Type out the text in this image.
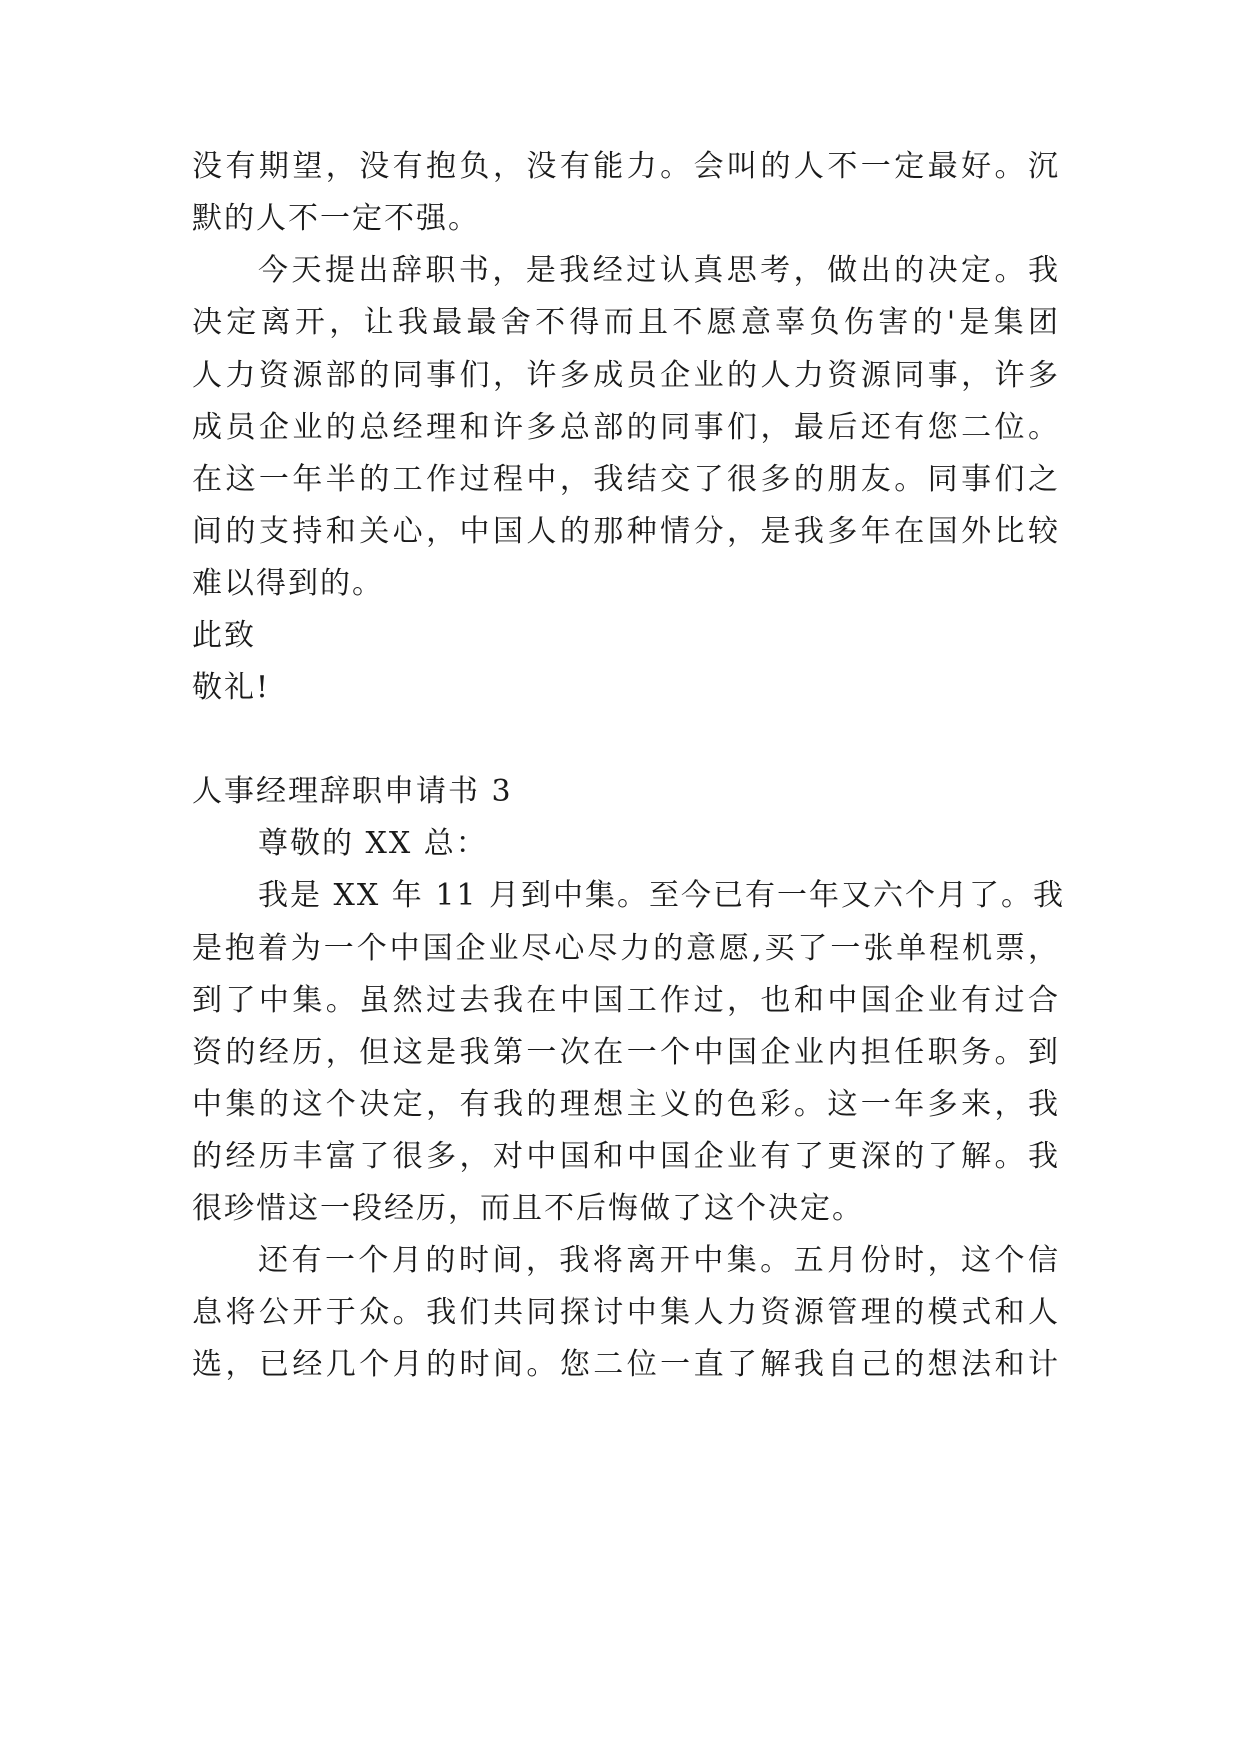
没有期望，没有抱负，没有能力。会叫的人不一定最好。沉
默的人不一定不强。
今天提出辞职书，是我经过认真思考，做出的决定。我
决定离开，让我最最舍不得而且不愿意辜负伤害的'是集团
人力资源部的同事们，许多成员企业的人力资源同事，许多
成员企业的总经理和许多总部的同事们，最后还有您二位。
在这一年半的工作过程中，我结交了很多的朋友。同事们之
间的支持和关心，中国人的那种情分，是我多年在国外比较
难以得到的。
此致
敬礼!
人事经理辞职申请书 3
尊敬的 XX 总：
我是 XX 年 11 月到中集。至今已有一年又六个月了。我
是抱着为一个中国企业尽心尽力的意愿,买了一张单程机票，
到了中集。虽然过去我在中国工作过，也和中国企业有过合
资的经历，但这是我第一次在一个中国企业内担任职务。到
中集的这个决定，有我的理想主义的色彩。这一年多来，我
的经历丰富了很多，对中国和中国企业有了更深的了解。我
很珍惜这一段经历，而且不后悔做了这个决定。
还有一个月的时间，我将离开中集。五月份时，这个信
息将公开于众。我们共同探讨中集人力资源管理的模式和人
选，已经几个月的时间。您二位一直了解我自己的想法和计
